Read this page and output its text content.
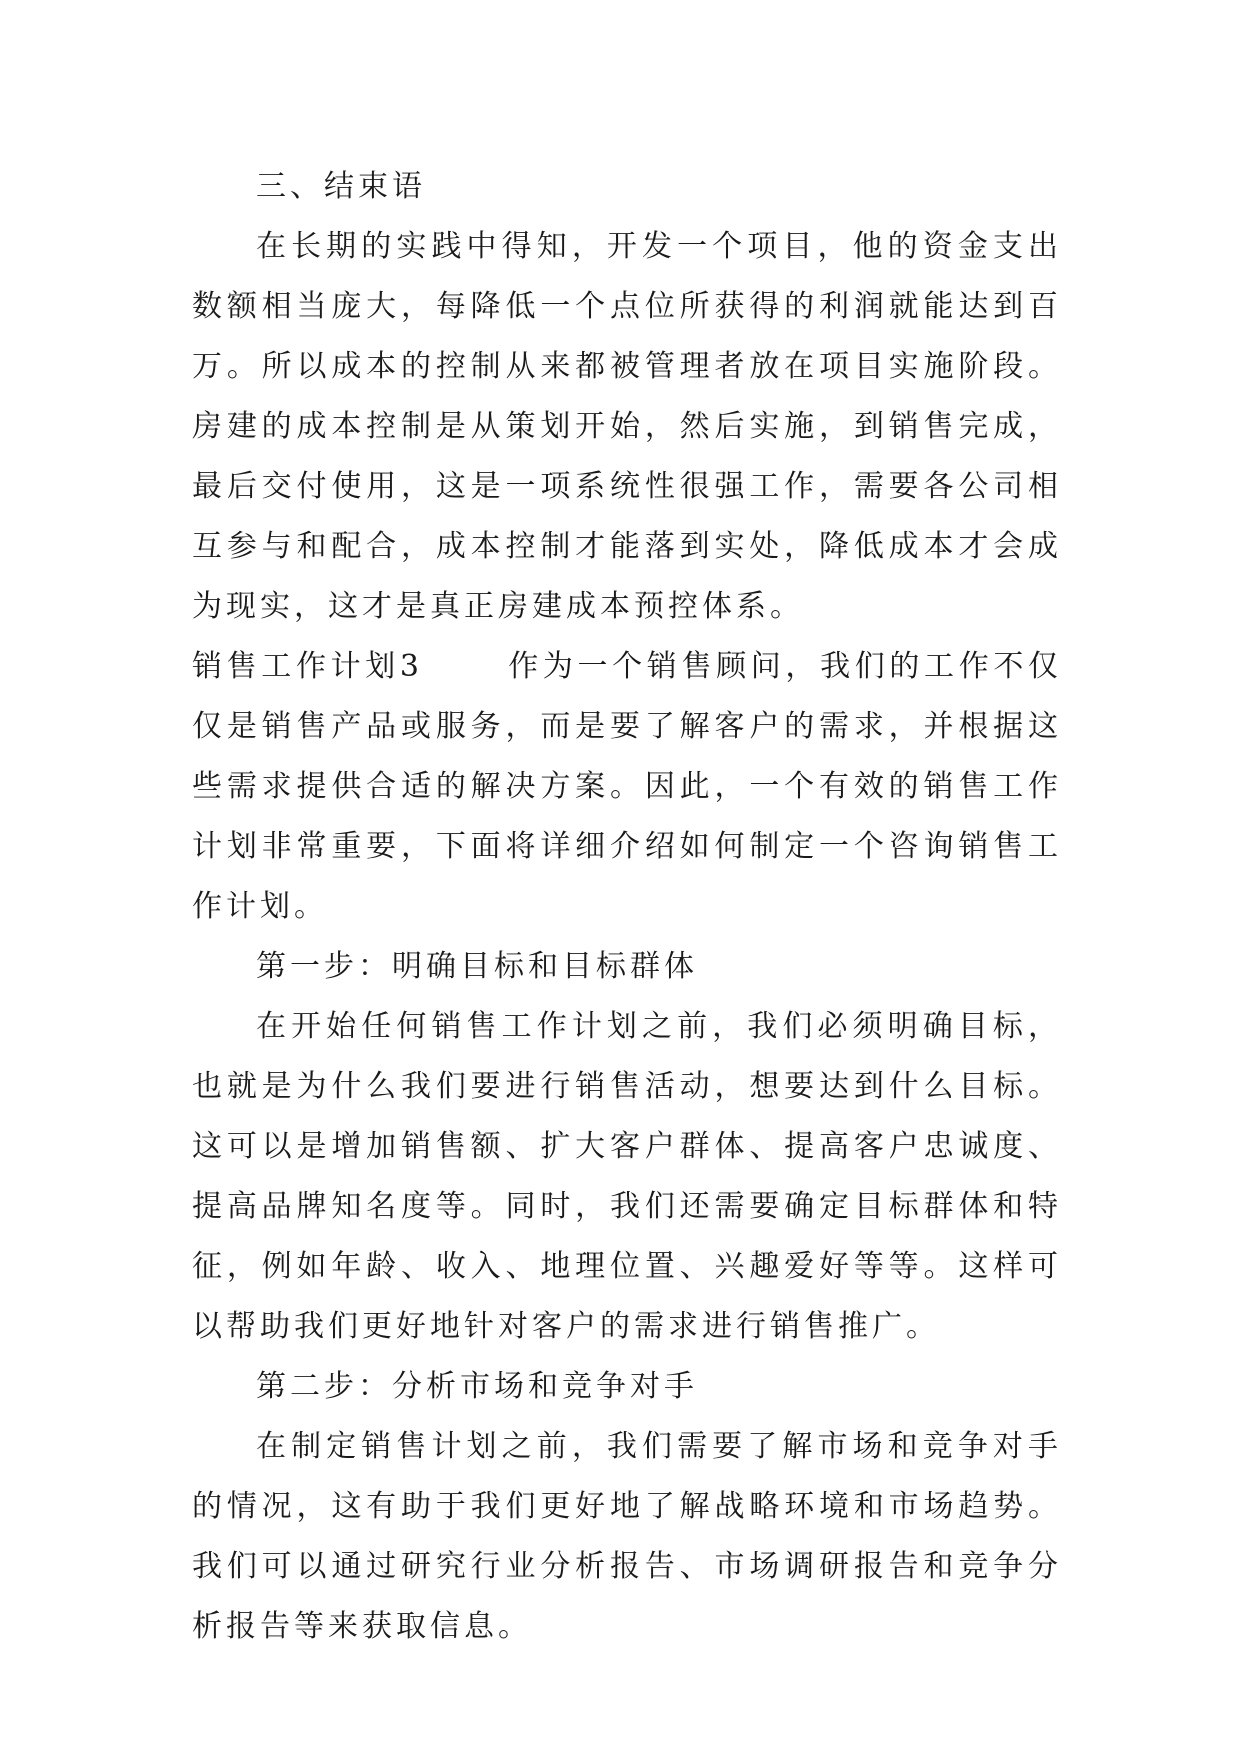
三、结束语

在长期的实践中得知，开发一个项目，他的资金支出数额相当庞大，每降低一个点位所获得的利润就能达到百万。所以成本的控制从来都被管理者放在项目实施阶段。房建的成本控制是从策划开始，然后实施，到销售完成，最后交付使用，这是一项系统性很强工作，需要各公司相互参与和配合，成本控制才能落到实处，降低成本才会成为现实，这才是真正房建成本预控体系。

销售工作计划3	作为一个销售顾问，我们的工作不仅仅是销售产品或服务，而是要了解客户的需求，并根据这些需求提供合适的解决方案。因此，一个有效的销售工作计划非常重要，下面将详细介绍如何制定一个咨询销售工作计划。

第一步：明确目标和目标群体

在开始任何销售工作计划之前，我们必须明确目标，也就是为什么我们要进行销售活动，想要达到什么目标。这可以是增加销售额、扩大客户群体、提高客户忠诚度、提高品牌知名度等。同时，我们还需要确定目标群体和特征，例如年龄、收入、地理位置、兴趣爱好等等。这样可以帮助我们更好地针对客户的需求进行销售推广。

第二步：分析市场和竞争对手

在制定销售计划之前，我们需要了解市场和竞争对手的情况，这有助于我们更好地了解战略环境和市场趋势。我们可以通过研究行业分析报告、市场调研报告和竞争分析报告等来获取信息。
